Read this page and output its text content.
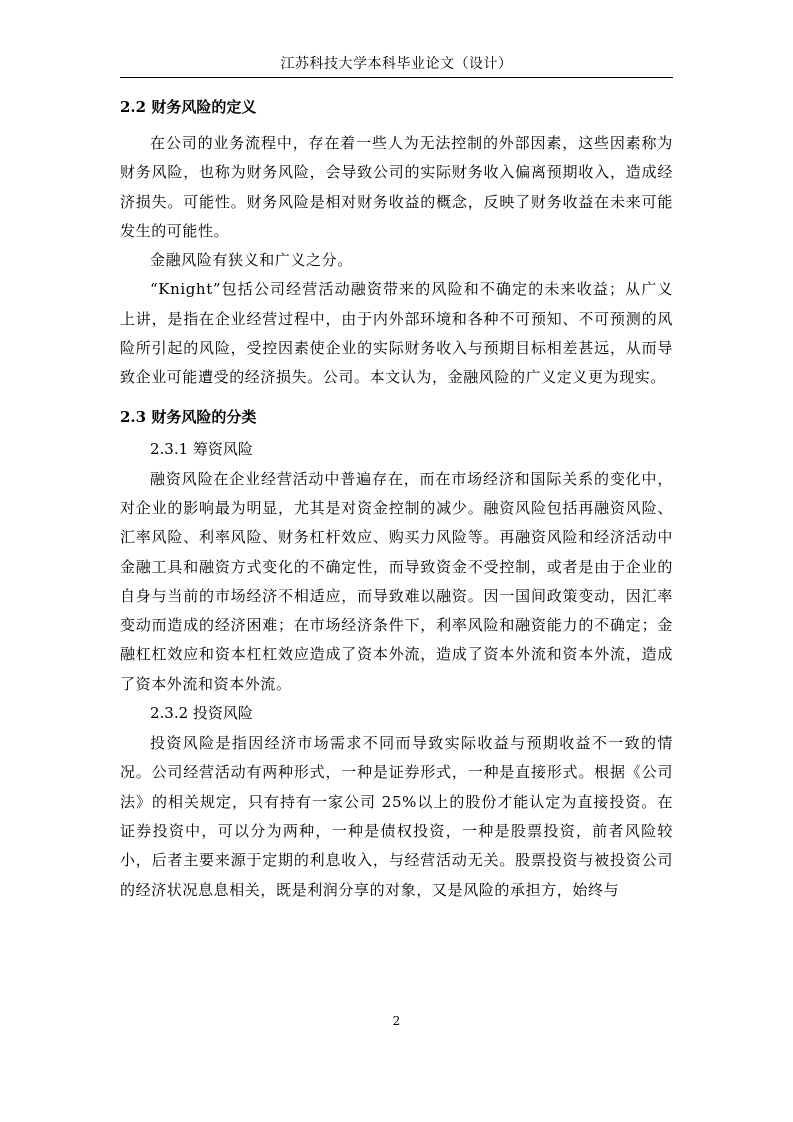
江苏科技大学本科毕业论文（设计）
2.2 财务风险的定义

在公司的业务流程中，存在着一些人为无法控制的外部因素，这些因素称为财务风险，也称为财务风险，会导致公司的实际财务收入偏离预期收入，造成经济损失。可能性。财务风险是相对财务收益的概念，反映了财务收益在未来可能发生的可能性。

金融风险有狭义和广义之分。

“Knight”包括公司经营活动融资带来的风险和不确定的未来收益；从广义上讲，是指在企业经营过程中，由于内外部环境和各种不可预知、不可预测的风险所引起的风险，受控因素使企业的实际财务收入与预期目标相差甚远，从而导致企业可能遭受的经济损失。公司。本文认为，金融风险的广义定义更为现实。

2.3 财务风险的分类
2.3.1 筹资风险

融资风险在企业经营活动中普遍存在，而在市场经济和国际关系的变化中，对企业的影响最为明显，尤其是对资金控制的减少。融资风险包括再融资风险、汇率风险、利率风险、财务杠杆效应、购买力风险等。再融资风险和经济活动中金融工具和融资方式变化的不确定性，而导致资金不受控制，或者是由于企业的自身与当前的市场经济不相适应，而导致难以融资。因一国间政策变动，因汇率变动而造成的经济困难；在市场经济条件下，利率风险和融资能力的不确定；金融杠杠效应和资本杠杠效应造成了资本外流，造成了资本外流和资本外流，造成了资本外流和资本外流。

2.3.2 投资风险

投资风险是指因经济市场需求不同而导致实际收益与预期收益不一致的情况。公司经营活动有两种形式，一种是证券形式，一种是直接形式。根据《公司法》的相关规定，只有持有一家公司 25%以上的股份才能认定为直接投资。在证券投资中，可以分为两种，一种是债权投资，一种是股票投资，前者风险较小，后者主要来源于定期的利息收入，与经营活动无关。股票投资与被投资公司的经济状况息息相关，既是利润分享的对象，又是风险的承担方，始终与

2
